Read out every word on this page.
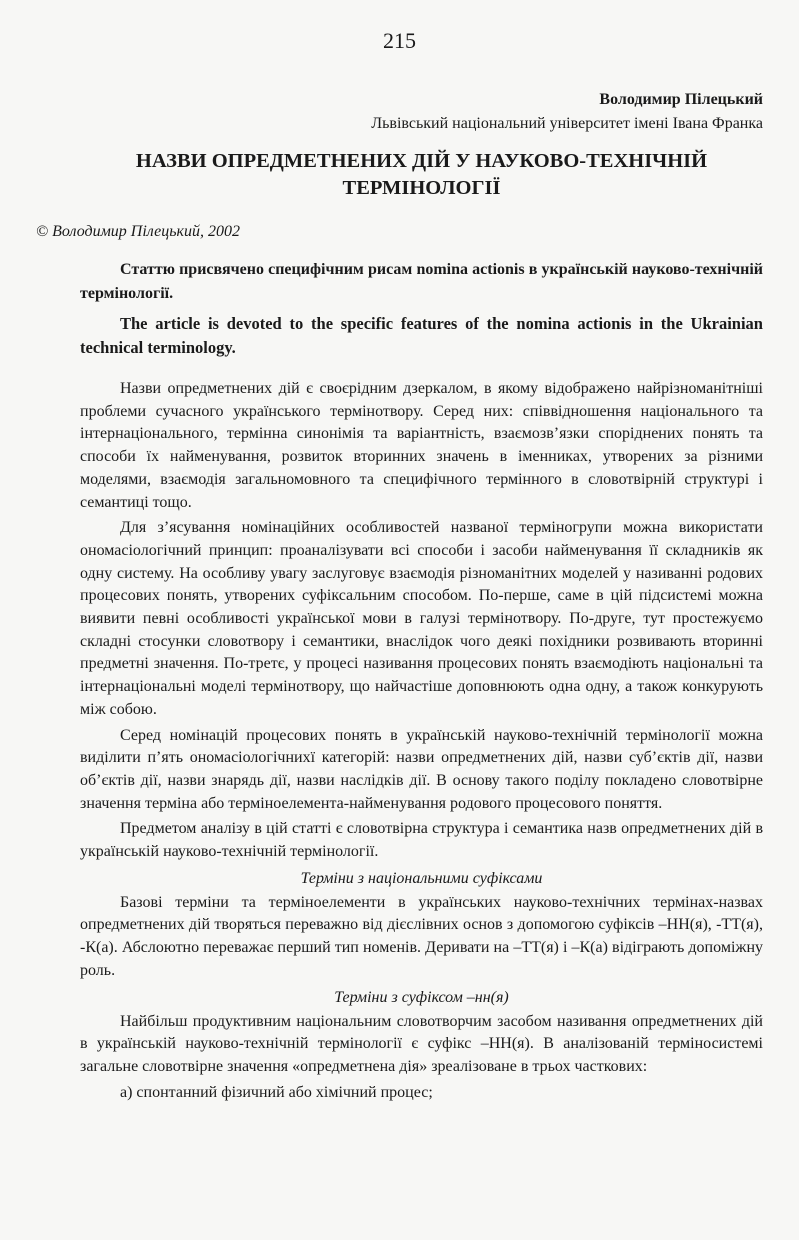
215
Володимир Пілецький
Львівський національний університет імені Івана Франка
НАЗВИ ОПРЕДМЕТНЕНИХ ДІЙ У НАУКОВО-ТЕХНІЧНІЙ
ТЕРМІНОЛОГІЇ
© Володимир Пілецький, 2002

Статтю присвячено специфічним рисам nomina actionis в українській науково-технічній термінології.

The article is devoted to the specific features of the nomina actionis in the Ukrainian technical terminology.

Назви опредметнених дій є своєрідним дзеркалом, в якому відображено найрізноманітніші проблеми сучасного українського термінотвору. Серед них: співвідношення національного та інтернаціонального, термінна синонімія та варіантність, взаємозв’язки споріднених понять та способи їх найменування, розвиток вторинних значень в іменниках, утворених за різними моделями, взаємодія загальномовного та специфічного термінного в словотвірній структурі і семантиці тощо.

Для з’ясування номінаційних особливостей названої терміногрупи можна використати ономасіологічний принцип: проаналізувати всі способи і засоби найменування її складників як одну систему. На особливу увагу заслуговує взаємодія різноманітних моделей у називанні родових процесових понять, утворених суфіксальним способом. По-перше, саме в цій підсистемі можна виявити певні особливості української мови в галузі термінотвору. По-друге, тут простежуємо складні стосунки словотвору і семантики, внаслідок чого деякі похідники розвивають вторинні предметні значення. По-третє, у процесі називання процесових понять взаємодіють національні та інтернаціональні моделі термінотвору, що найчастіше доповнюють одна одну, а також конкурують між собою.

Серед номінацій процесових понять в українській науково-технічній термінології можна виділити п’ять ономасіологічнихї категорій: назви опредметнених дій, назви суб’єктів дії, назви об’єктів дії, назви знарядь дії, назви наслідків дії. В основу такого поділу покладено словотвірне значення терміна або терміноелемента-найменування родового процесового поняття.

Предметом аналізу в цій статті є словотвірна структура і семантика назв опредметнених дій в українській науково-технічній термінології.

Терміни з національними суфіксами

Базові терміни та терміноелементи в українських науково-технічних термінах-назвах опредметнених дій творяться переважно від дієслівних основ з допомогою суфіксів –НН(я), -ТТ(я), -К(а). Абслоютно переважає перший тип номенів. Деривати на –ТТ(я) і –К(а) відіграють допоміжну роль.

Терміни з суфіксом –нн(я)

Найбільш продуктивним національним словотворчим засобом називання опредметнених дій в українській науково-технічній термінології є суфікс –НН(я). В аналізованій терміносистемі загальне словотвірне значення «опредметнена дія» зреалізоване в трьох часткових:

а) спонтанний фізичний або хімічний процес;
